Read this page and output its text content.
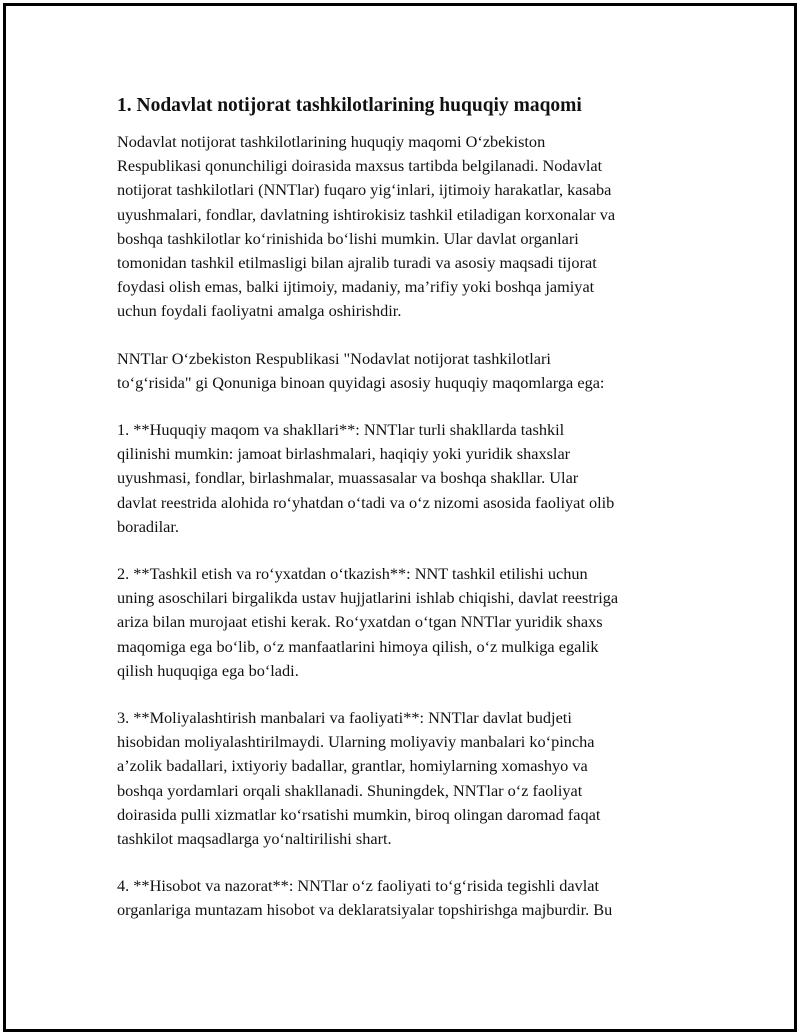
1. Nodavlat notijorat tashkilotlarining huquqiy maqomi
Nodavlat notijorat tashkilotlarining huquqiy maqomi O‘zbekiston
Respublikasi qonunchiligi doirasida maxsus tartibda belgilanadi. Nodavlat
notijorat tashkilotlari (NNTlar) fuqaro yig‘inlari, ijtimoiy harakatlar, kasaba
uyushmalari, fondlar, davlatning ishtirokisiz tashkil etiladigan korxonalar va
boshqa tashkilotlar ko‘rinishida bo‘lishi mumkin. Ular davlat organlari
tomonidan tashkil etilmasligi bilan ajralib turadi va asosiy maqsadi tijorat
foydasi olish emas, balki ijtimoiy, madaniy, ma’rifiy yoki boshqa jamiyat
uchun foydali faoliyatni amalga oshirishdir.
NNTlar O‘zbekiston Respublikasi "Nodavlat notijorat tashkilotlari
to‘g‘risida" gi Qonuniga binoan quyidagi asosiy huquqiy maqomlarga ega:
1. **Huquqiy maqom va shakllari**: NNTlar turli shakllarda tashkil
qilinishi mumkin: jamoat birlashmalari, haqiqiy yoki yuridik shaxslar
uyushmasi, fondlar, birlashmalar, muassasalar va boshqa shakllar. Ular
davlat reestrida alohida ro‘yhatdan o‘tadi va o‘z nizomi asosida faoliyat olib
boradilar.
2. **Tashkil etish va ro‘yxatdan o‘tkazish**: NNT tashkil etilishi uchun
uning asoschilari birgalikda ustav hujjatlarini ishlab chiqishi, davlat reestriga
ariza bilan murojaat etishi kerak. Ro‘yxatdan o‘tgan NNTlar yuridik shaxs
maqomiga ega bo‘lib, o‘z manfaatlarini himoya qilish, o‘z mulkiga egalik
qilish huquqiga ega bo‘ladi.
3. **Moliyalashtirish manbalari va faoliyati**: NNTlar davlat budjeti
hisobidan moliyalashtirilmaydi. Ularning moliyaviy manbalari ko‘pincha
a’zolik badallari, ixtiyoriy badallar, grantlar, homiylarning xomashyo va
boshqa yordamlari orqali shakllanadi. Shuningdek, NNTlar o‘z faoliyat
doirasida pulli xizmatlar ko‘rsatishi mumkin, biroq olingan daromad faqat
tashkilot maqsadlarga yo‘naltirilishi shart.
4. **Hisobot va nazorat**: NNTlar o‘z faoliyati to‘g‘risida tegishli davlat
organlariga muntazam hisobot va deklaratsiyalar topshirishga majburdir. Bu
